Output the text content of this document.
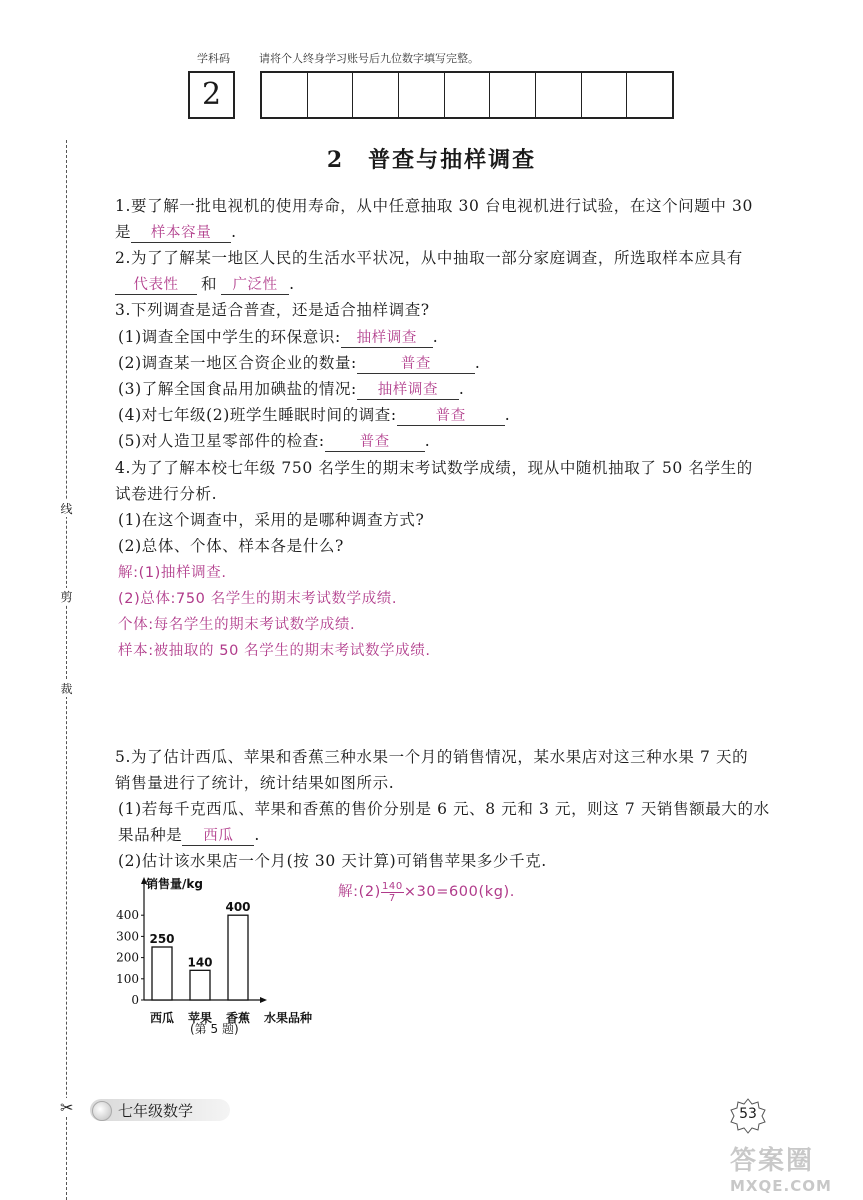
学科码	请将个人终身学习账号后九位数字填写完整。
2
线
剪
裁
✂
2　普查与抽样调查
1.要了解一批电视机的使用寿命，从中任意抽取 30 台电视机进行试验，在这个问题中 30
是 样本容量 .
2.为了了解某一地区人民的生活水平状况，从中抽取一部分家庭调查，所选取样本应具有
代表性 和 广泛性 .
3.下列调查是适合普查，还是适合抽样调查?
(1)调查全国中学生的环保意识: 抽样调查 .
(2)调查某一地区合资企业的数量:	普查	.
(3)了解全国食品用加碘盐的情况: 抽样调查 .
(4)对七年级(2)班学生睡眠时间的调查:	普查	.
(5)对人造卫星零部件的检查: 普查 .
4.为了了解本校七年级 750 名学生的期末考试数学成绩，现从中随机抽取了 50 名学生的
试卷进行分析.
(1)在这个调查中，采用的是哪种调查方式?
(2)总体、个体、样本各是什么?
解:(1)抽样调查.
(2)总体:750 名学生的期末考试数学成绩.
个体:每名学生的期末考试数学成绩.
样本:被抽取的 50 名学生的期末考试数学成绩.
5.为了估计西瓜、苹果和香蕉三种水果一个月的销售情况，某水果店对这三种水果 7 天的
销售量进行了统计，统计结果如图所示.
(1)若每千克西瓜、苹果和香蕉的售价分别是 6 元、8 元和 3 元，则这 7 天销售额最大的水
果品种是 西瓜 .
(2)估计该水果店一个月(按 30 天计算)可销售苹果多少千克.
解:(2) $\frac{140}{7} \times 30=600(kg)$.
销售量/kg
水果品种
0
100
200
300
400
250
西瓜
140
苹果
400
香蕉
(第 5 题)
七年级数学	53
答案圈
MXQE.COM
